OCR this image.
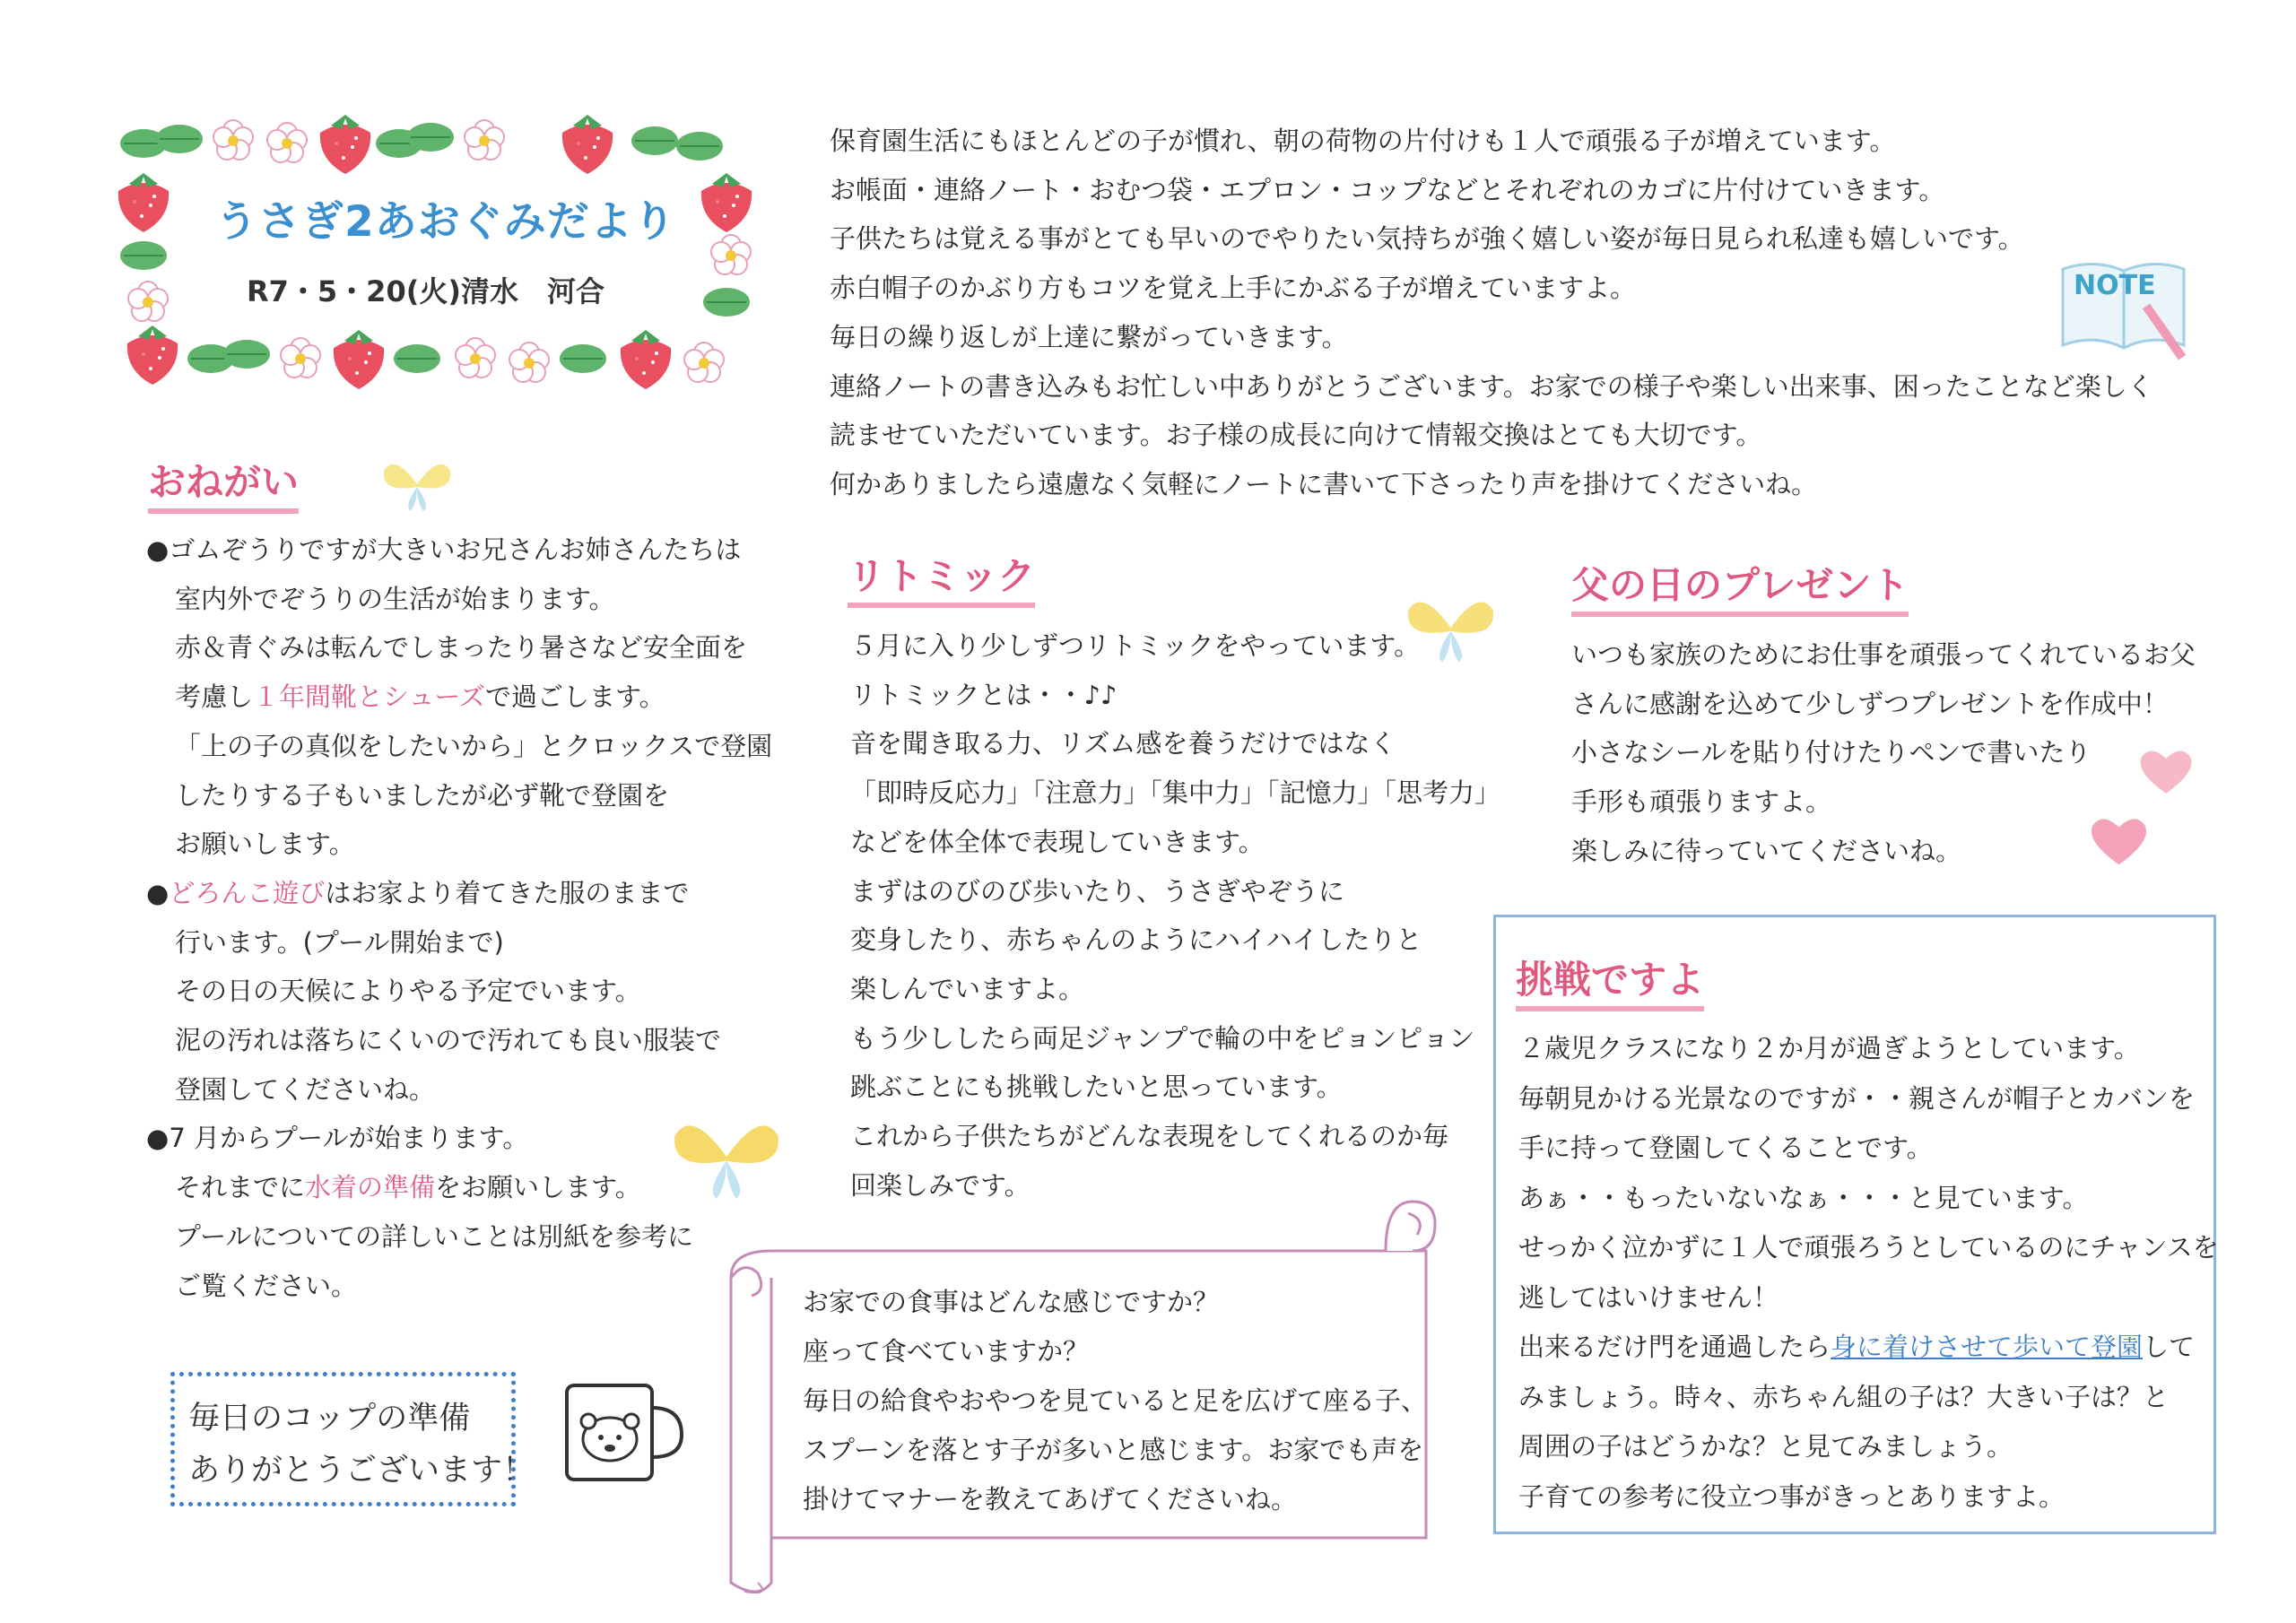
うさぎ2あおぐみだより
R7・5・20(火)清水　河合
保育園生活にもほとんどの子が慣れ、朝の荷物の片付けも１人で頑張る子が増えています。
お帳面・連絡ノート・おむつ袋・エプロン・コップなどとそれぞれのカゴに片付けていきます。
子供たちは覚える事がとても早いのでやりたい気持ちが強く嬉しい姿が毎日見られ私達も嬉しいです。
赤白帽子のかぶり方もコツを覚え上手にかぶる子が増えていますよ。
毎日の繰り返しが上達に繋がっていきます。
連絡ノートの書き込みもお忙しい中ありがとうございます。お家での様子や楽しい出来事、困ったことなど楽しく
読ませていただいています。お子様の成長に向けて情報交換はとても大切です。
何かありましたら遠慮なく気軽にノートに書いて下さったり声を掛けてくださいね。
NOTE
おねがい
●ゴムぞうりですが大きいお兄さんお姉さんたちは
室内外でぞうりの生活が始まります。
赤＆青ぐみは転んでしまったり暑さなど安全面を
考慮し１年間靴とシューズで過ごします。
「上の子の真似をしたいから」とクロックスで登園
したりする子もいましたが必ず靴で登園を
お願いします。
●どろんこ遊びはお家より着てきた服のままで
行います。(プール開始まで)
その日の天候によりやる予定でいます。
泥の汚れは落ちにくいので汚れても良い服装で
登園してくださいね。
●7 月からプールが始まります。
それまでに水着の準備をお願いします。
プールについての詳しいことは別紙を参考に
ご覧ください。
毎日のコップの準備
ありがとうございます！
リトミック
５月に入り少しずつリトミックをやっています。
リトミックとは・・♪♪
音を聞き取る力、リズム感を養うだけではなく
「即時反応力」「注意力」「集中力」「記憶力」「思考力」
などを体全体で表現していきます。
まずはのびのび歩いたり、うさぎやぞうに
変身したり、赤ちゃんのようにハイハイしたりと
楽しんでいますよ。
もう少ししたら両足ジャンプで輪の中をピョンピョン
跳ぶことにも挑戦したいと思っています。
これから子供たちがどんな表現をしてくれるのか毎
回楽しみです。
お家での食事はどんな感じですか？
座って食べていますか？
毎日の給食やおやつを見ていると足を広げて座る子、
スプーンを落とす子が多いと感じます。お家でも声を
掛けてマナーを教えてあげてくださいね。
父の日のプレゼント
いつも家族のためにお仕事を頑張ってくれているお父
さんに感謝を込めて少しずつプレゼントを作成中！
小さなシールを貼り付けたりペンで書いたり
手形も頑張りますよ。
楽しみに待っていてくださいね。
挑戦ですよ
２歳児クラスになり２か月が過ぎようとしています。
毎朝見かける光景なのですが・・親さんが帽子とカバンを
手に持って登園してくることです。
あぁ・・もったいないなぁ・・・と見ています。
せっかく泣かずに１人で頑張ろうとしているのにチャンスを
逃してはいけません！
出来るだけ門を通過したら身に着けさせて歩いて登園して
みましょう。時々、赤ちゃん組の子は？大きい子は？と
周囲の子はどうかな？と見てみましょう。
子育ての参考に役立つ事がきっとありますよ。
